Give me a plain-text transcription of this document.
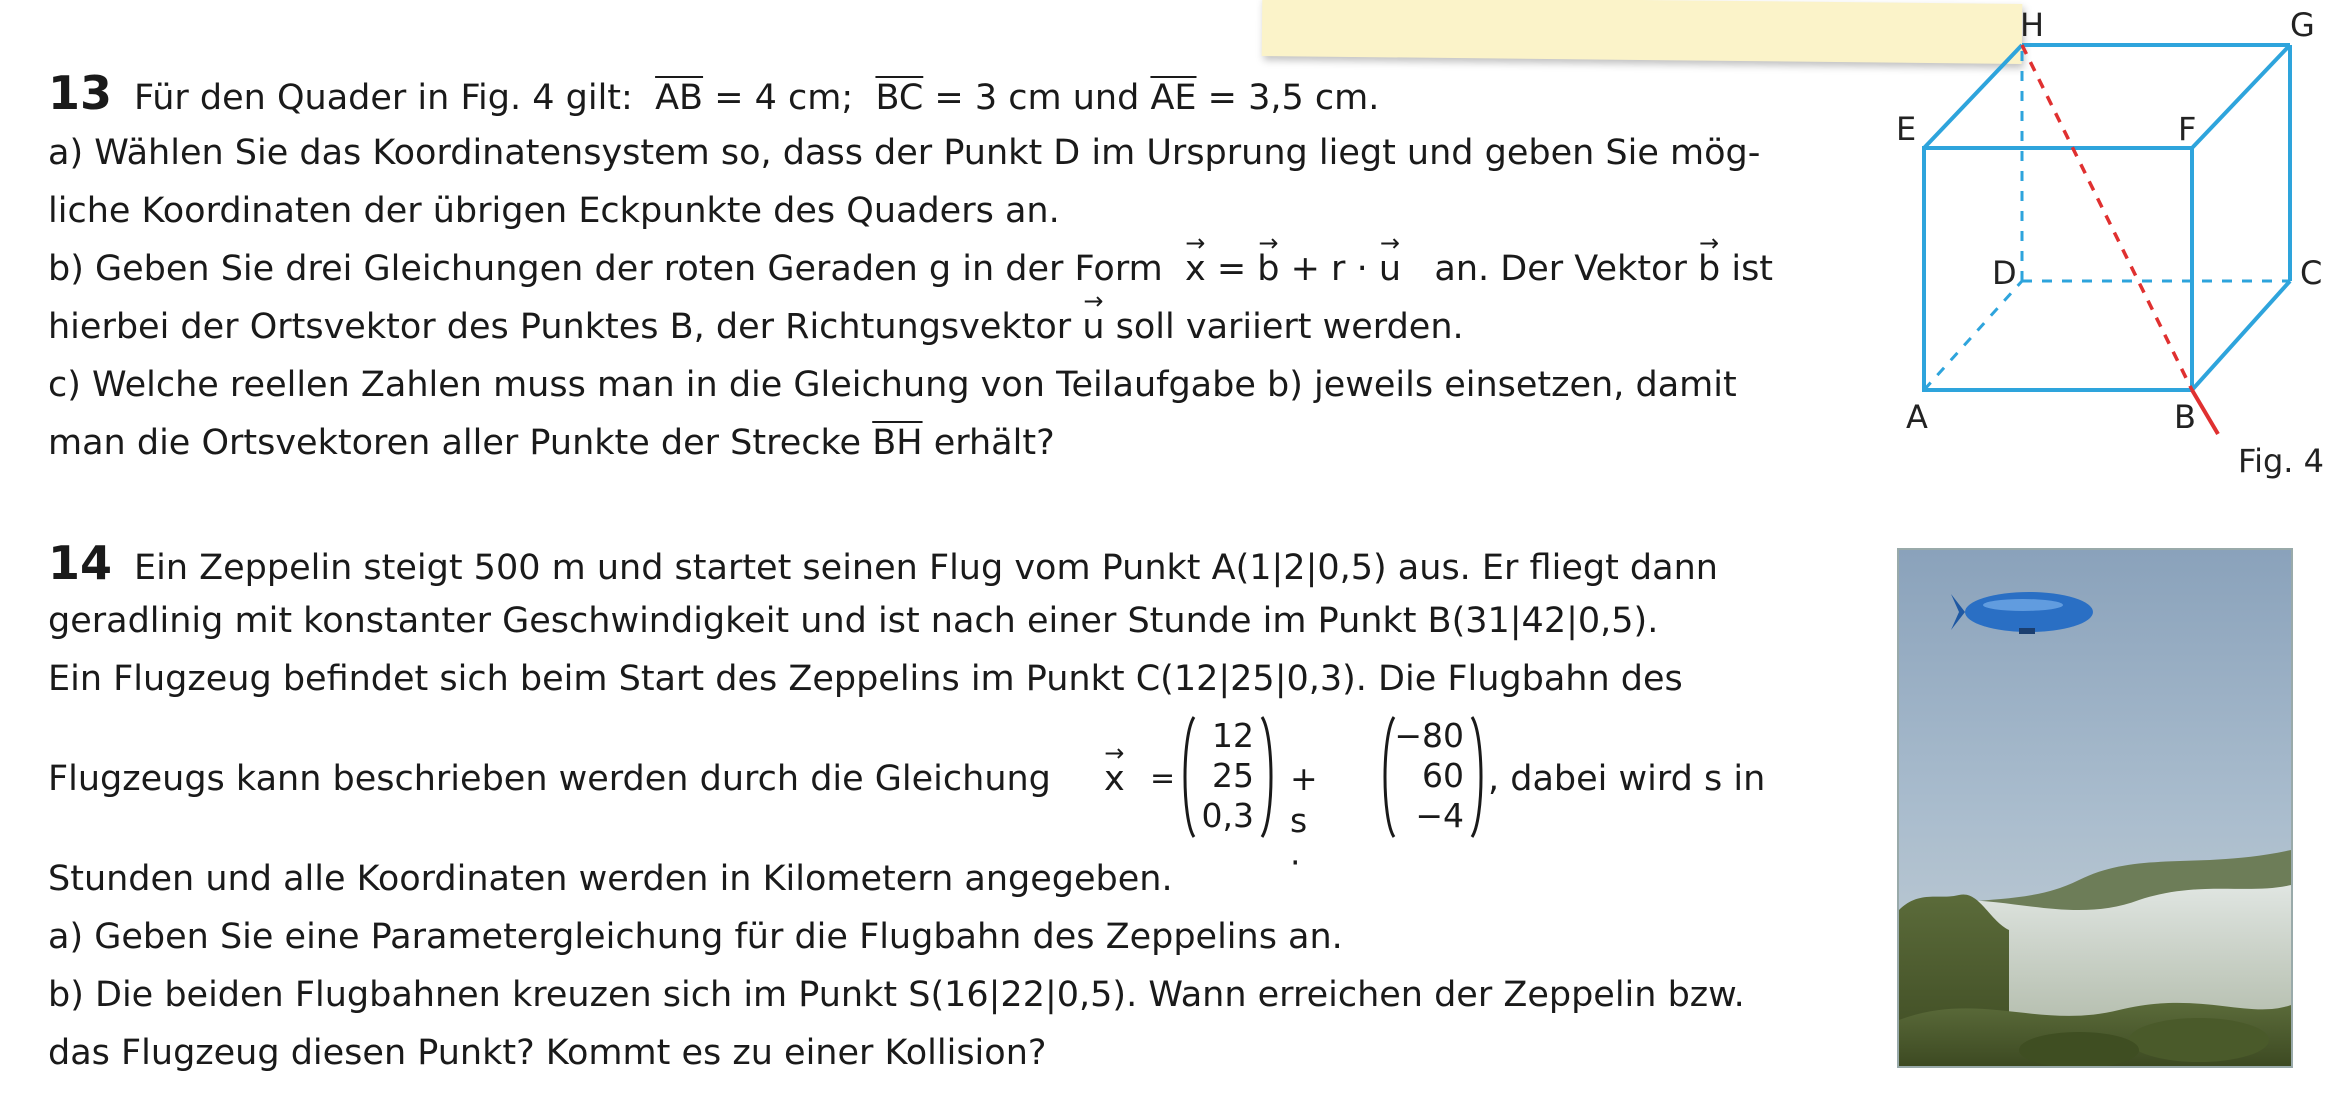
13 Für den Quader in Fig. 4 gilt: $\overline{AB} = 4$ cm; $\overline{BC} = 3$ cm und $\overline{AE} = 3,5$ cm.
a) Wählen Sie das Koordinatensystem so, dass der Punkt D im Ursprung liegt und geben Sie mög-
liche Koordinaten der übrigen Eckpunkte des Quaders an.
b) Geben Sie drei Gleichungen der roten Geraden g in der Form → x = → b + r · → u   an. Der Vektor → b ist
hierbei der Ortsvektor des Punktes B, der Richtungsvektor → u soll variiert werden.
c) Welche reellen Zahlen muss man in die Gleichung von Teilaufgabe b) jeweils einsetzen, damit
man die Ortsvektoren aller Punkte der Strecke $\overline{BH}$ erhält?
H	G
E	F
D	C
A	B
Fig. 4
14 Ein Zeppelin steigt 500 m und startet seinen Flug vom Punkt A(1|2|0,5) aus. Er fliegt dann
geradlinig mit konstanter Geschwindigkeit und ist nach einer Stunde im Punkt B(31|42|0,5).
Ein Flugzeug befindet sich beim Start des Zeppelins im Punkt C(12|25|0,3). Die Flugbahn des
Flugzeugs kann beschrieben werden durch die Gleichung → x =
12
25
0,3
+ s ·
−80
60
−4
, dabei wird s in
Stunden und alle Koordinaten werden in Kilometern angegeben.
a) Geben Sie eine Parametergleichung für die Flugbahn des Zeppelins an.
b) Die beiden Flugbahnen kreuzen sich im Punkt S(16|22|0,5). Wann erreichen der Zeppelin bzw.
das Flugzeug diesen Punkt? Kommt es zu einer Kollision?
